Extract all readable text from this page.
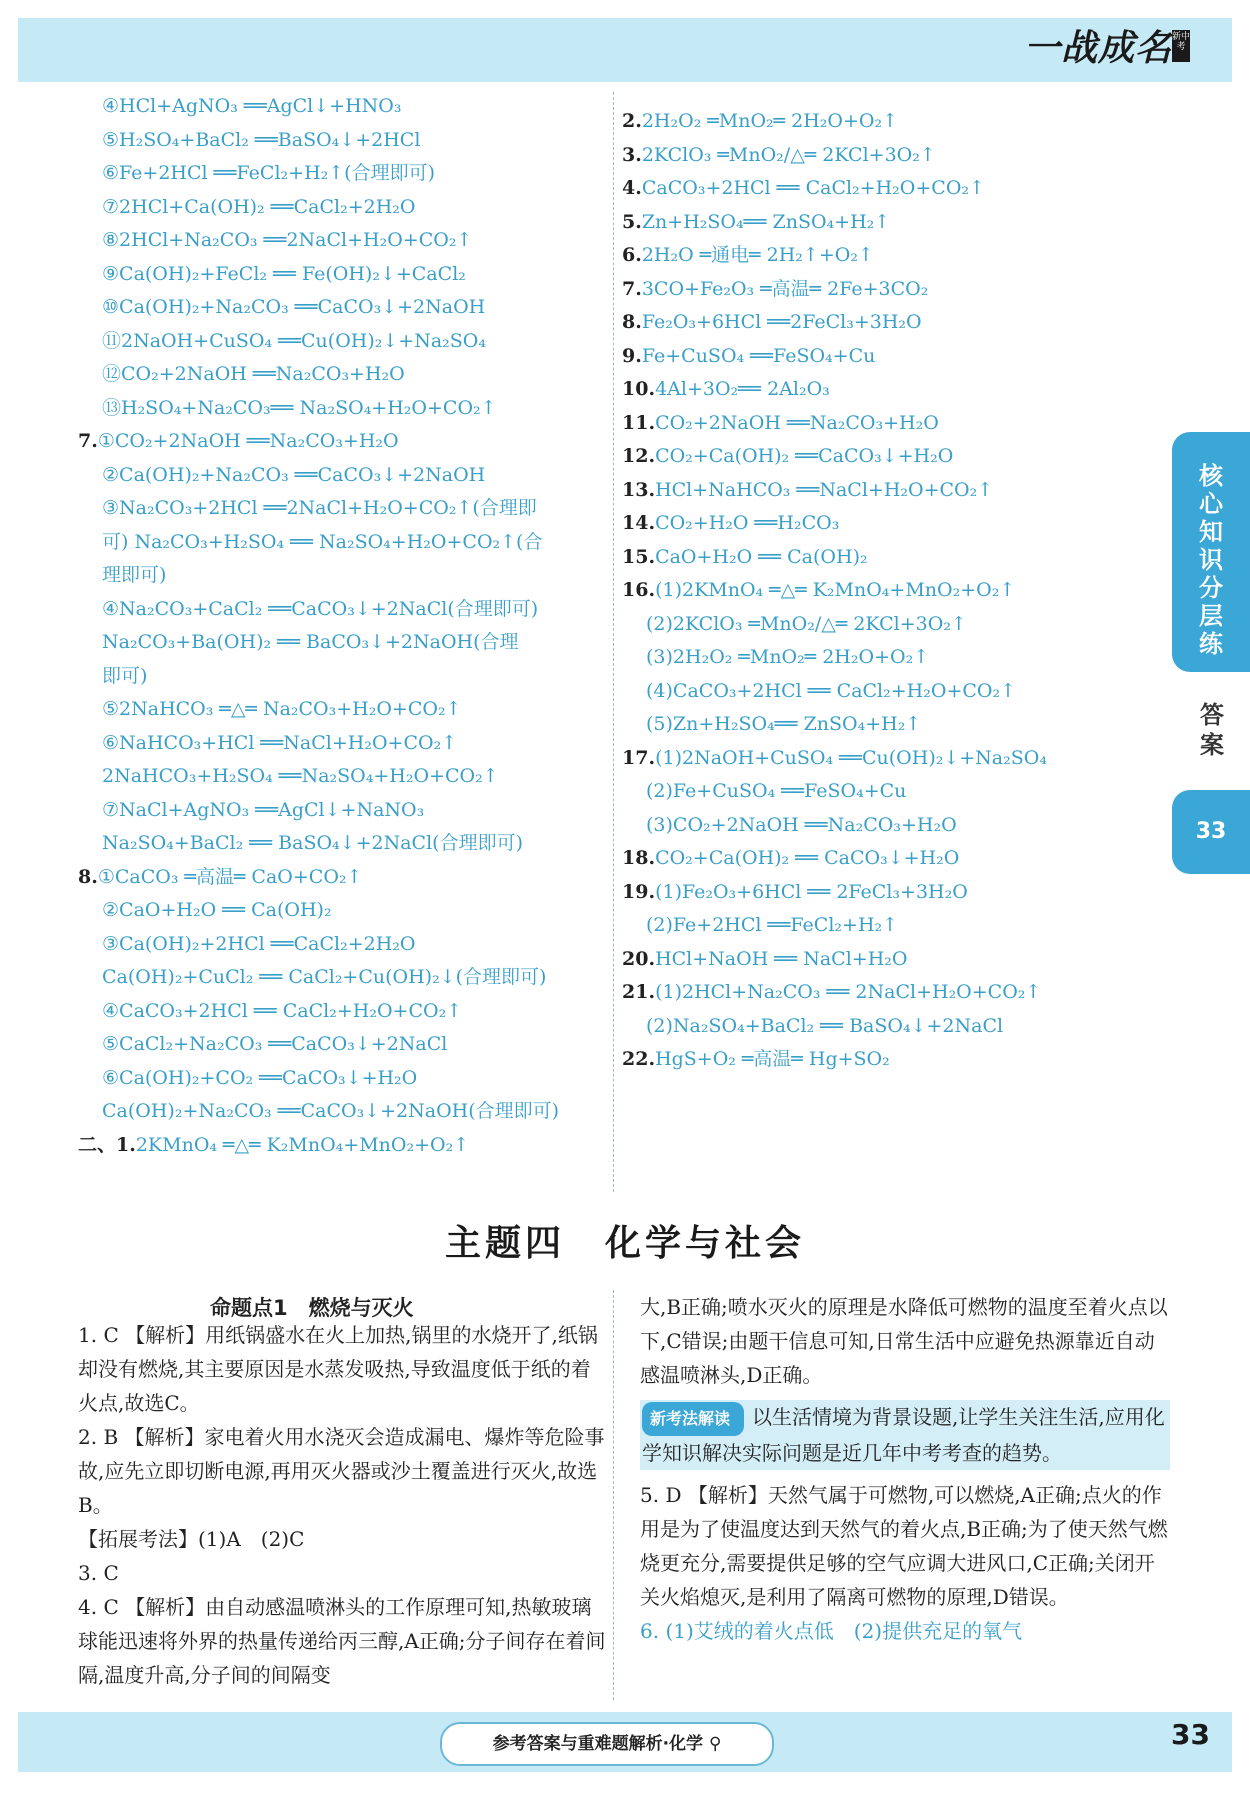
一战成名 新中考
④HCl+AgNO₃ ══AgCl↓+HNO₃
⑤H₂SO₄+BaCl₂ ══BaSO₄↓+2HCl
⑥Fe+2HCl ══FeCl₂+H₂↑(合理即可)
⑦2HCl+Ca(OH)₂ ══CaCl₂+2H₂O
⑧2HCl+Na₂CO₃ ══2NaCl+H₂O+CO₂↑
⑨Ca(OH)₂+FeCl₂ ══ Fe(OH)₂↓+CaCl₂
⑩Ca(OH)₂+Na₂CO₃ ══CaCO₃↓+2NaOH
⑪2NaOH+CuSO₄ ══Cu(OH)₂↓+Na₂SO₄
⑫CO₂+2NaOH ══Na₂CO₃+H₂O
⑬H₂SO₄+Na₂CO₃══ Na₂SO₄+H₂O+CO₂↑
7.①CO₂+2NaOH ══Na₂CO₃+H₂O
②Ca(OH)₂+Na₂CO₃ ══CaCO₃↓+2NaOH
③Na₂CO₃+2HCl ══2NaCl+H₂O+CO₂↑(合理即
可) Na₂CO₃+H₂SO₄ ══ Na₂SO₄+H₂O+CO₂↑(合
理即可)
④Na₂CO₃+CaCl₂ ══CaCO₃↓+2NaCl(合理即可)
Na₂CO₃+Ba(OH)₂ ══ BaCO₃↓+2NaOH(合理
即可)
⑤2NaHCO₃ ═△═ Na₂CO₃+H₂O+CO₂↑
⑥NaHCO₃+HCl ══NaCl+H₂O+CO₂↑
2NaHCO₃+H₂SO₄ ══Na₂SO₄+H₂O+CO₂↑
⑦NaCl+AgNO₃ ══AgCl↓+NaNO₃
Na₂SO₄+BaCl₂ ══ BaSO₄↓+2NaCl(合理即可)
8.①CaCO₃ ═高温═ CaO+CO₂↑
②CaO+H₂O ══ Ca(OH)₂
③Ca(OH)₂+2HCl ══CaCl₂+2H₂O
Ca(OH)₂+CuCl₂ ══ CaCl₂+Cu(OH)₂↓(合理即可)
④CaCO₃+2HCl ══ CaCl₂+H₂O+CO₂↑
⑤CaCl₂+Na₂CO₃ ══CaCO₃↓+2NaCl
⑥Ca(OH)₂+CO₂ ══CaCO₃↓+H₂O
Ca(OH)₂+Na₂CO₃ ══CaCO₃↓+2NaOH(合理即可)
二、1.2KMnO₄ ═△═ K₂MnO₄+MnO₂+O₂↑
2.2H₂O₂ ═MnO₂═ 2H₂O+O₂↑
3.2KClO₃ ═MnO₂/△═ 2KCl+3O₂↑
4.CaCO₃+2HCl ══ CaCl₂+H₂O+CO₂↑
5.Zn+H₂SO₄══ ZnSO₄+H₂↑
6.2H₂O ═通电═ 2H₂↑+O₂↑
7.3CO+Fe₂O₃ ═高温═ 2Fe+3CO₂
8.Fe₂O₃+6HCl ══2FeCl₃+3H₂O
9.Fe+CuSO₄ ══FeSO₄+Cu
10.4Al+3O₂══ 2Al₂O₃
11.CO₂+2NaOH ══Na₂CO₃+H₂O
12.CO₂+Ca(OH)₂ ══CaCO₃↓+H₂O
13.HCl+NaHCO₃ ══NaCl+H₂O+CO₂↑
14.CO₂+H₂O ══H₂CO₃
15.CaO+H₂O ══ Ca(OH)₂
16.(1)2KMnO₄ ═△═ K₂MnO₄+MnO₂+O₂↑
(2)2KClO₃ ═MnO₂/△═ 2KCl+3O₂↑
(3)2H₂O₂ ═MnO₂═ 2H₂O+O₂↑
(4)CaCO₃+2HCl ══ CaCl₂+H₂O+CO₂↑
(5)Zn+H₂SO₄══ ZnSO₄+H₂↑
17.(1)2NaOH+CuSO₄ ══Cu(OH)₂↓+Na₂SO₄
(2)Fe+CuSO₄ ══FeSO₄+Cu
(3)CO₂+2NaOH ══Na₂CO₃+H₂O
18.CO₂+Ca(OH)₂ ══ CaCO₃↓+H₂O
19.(1)Fe₂O₃+6HCl ══ 2FeCl₃+3H₂O
(2)Fe+2HCl ══FeCl₂+H₂↑
20.HCl+NaOH ══ NaCl+H₂O
21.(1)2HCl+Na₂CO₃ ══ 2NaCl+H₂O+CO₂↑
(2)Na₂SO₄+BaCl₂ ══ BaSO₄↓+2NaCl
22.HgS+O₂ ═高温═ Hg+SO₂
核
心
知
识
分
层
练
答案
33
主题四　化学与社会
命题点1　燃烧与灭火

1. C 【解析】用纸锅盛水在火上加热,锅里的水烧开了,纸锅却没有燃烧,其主要原因是水蒸发吸热,导致温度低于纸的着火点,故选C。

2. B 【解析】家电着火用水浇灭会造成漏电、爆炸等危险事故,应先立即切断电源,再用灭火器或沙土覆盖进行灭火,故选B。

【拓展考法】(1)A　(2)C

3. C

4. C 【解析】由自动感温喷淋头的工作原理可知,热敏玻璃球能迅速将外界的热量传递给丙三醇,A正确;分子间存在着间隔,温度升高,分子间的间隔变

大,B正确;喷水灭火的原理是水降低可燃物的温度至着火点以下,C错误;由题干信息可知,日常生活中应避免热源靠近自动感温喷淋头,D正确。

新考法解读 以生活情境为背景设题,让学生关注生活,应用化学知识解决实际问题是近几年中考考查的趋势。

5. D 【解析】天然气属于可燃物,可以燃烧,A正确;点火的作用是为了使温度达到天然气的着火点,B正确;为了使天然气燃烧更充分,需要提供足够的空气应调大进风口,C正确;关闭开关火焰熄灭,是利用了隔离可燃物的原理,D错误。

6. (1)艾绒的着火点低　(2)提供充足的氧气

参考答案与重难题解析·化学 ⚲	33
